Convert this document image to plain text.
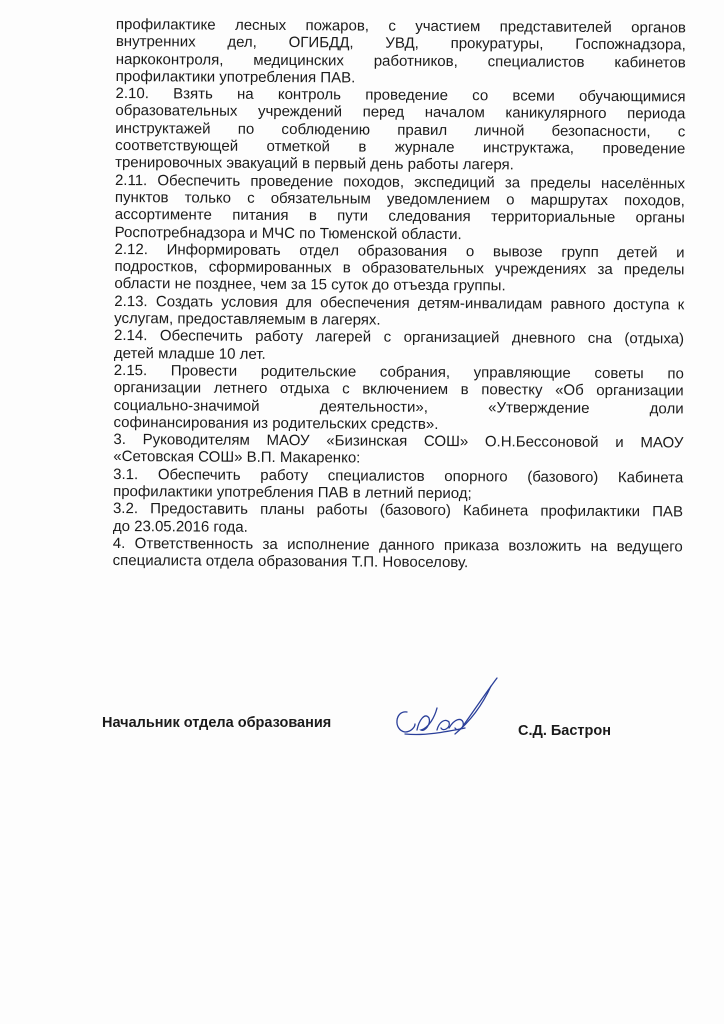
профилактике лесных пожаров, с участием представителей органов
внутренних дел, ОГИБДД, УВД, прокуратуры, Госпожнадзора,
наркоконтроля, медицинских работников, специалистов кабинетов
профилактики употребления ПАВ.
2.10. Взять на контроль проведение со всеми обучающимися
образовательных учреждений перед началом каникулярного периода
инструктажей по соблюдению правил личной безопасности, с
соответствующей отметкой в журнале инструктажа, проведение
тренировочных эвакуаций в первый день работы лагеря.
2.11. Обеспечить проведение походов, экспедиций за пределы населённых
пунктов только с обязательным уведомлением о маршрутах походов,
ассортименте питания в пути следования территориальные органы
Роспотребнадзора и МЧС по Тюменской области.
2.12. Информировать отдел образования о вывозе групп детей и
подростков, сформированных в образовательных учреждениях за пределы
области не позднее, чем за 15 суток до отъезда группы.
2.13. Создать условия для обеспечения детям-инвалидам равного доступа к
услугам, предоставляемым в лагерях.
2.14. Обеспечить работу лагерей с организацией дневного сна (отдыха)
детей младше 10 лет.
2.15. Провести родительские собрания, управляющие советы по
организации летнего отдыха с включением в повестку «Об организации
социально-значимой деятельности», «Утверждение доли
софинансирования из родительских средств».
3. Руководителям МАОУ «Бизинская СОШ» О.Н.Бессоновой и МАОУ
«Сетовская СОШ» В.П. Макаренко:
3.1. Обеспечить работу специалистов опорного (базового) Кабинета
профилактики употребления ПАВ в летний период;
3.2. Предоставить планы работы (базового) Кабинета профилактики ПАВ
до 23.05.2016 года.
4. Ответственность за исполнение данного приказа возложить на ведущего
специалиста отдела образования Т.П. Новоселову.
Начальник отдела образования	С.Д. Бастрон
